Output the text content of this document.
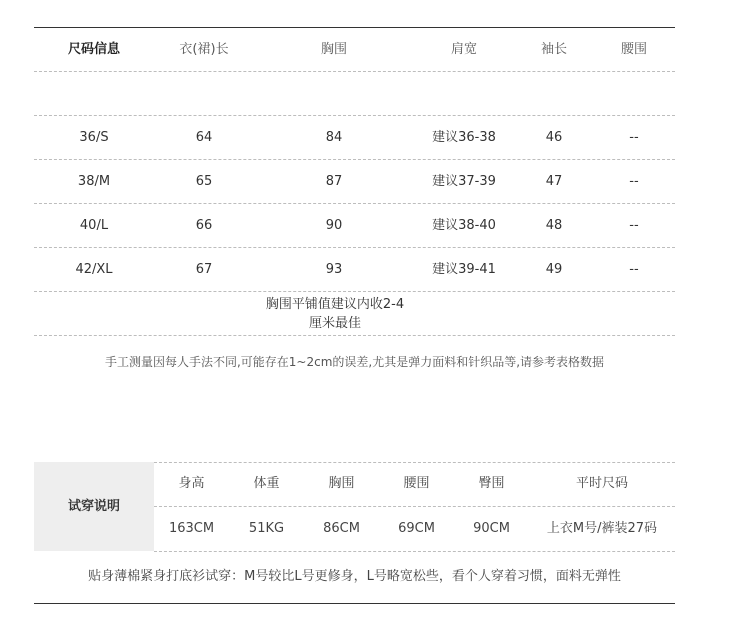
尺码信息	衣(裙)长	胸围	肩宽	袖长	腰围
36/S	64	84	建议36-38	46	--
38/M	65	87	建议37-39	47	--
40/L	66	90	建议38-40	48	--
42/XL	67	93	建议39-41	49	--
胸围平铺值建议内收2-4
厘米最佳
手工测量因每人手法不同,可能存在1~2cm的误差,尤其是弹力面料和针织品等,请参考表格数据
试穿说明
身高	体重	胸围	腰围	臀围	平时尺码
163CM	51KG	86CM	69CM	90CM	上衣M号/裤装27码
贴身薄棉紧身打底衫试穿：M号较比L号更修身，L号略宽松些，看个人穿着习惯，面料无弹性
